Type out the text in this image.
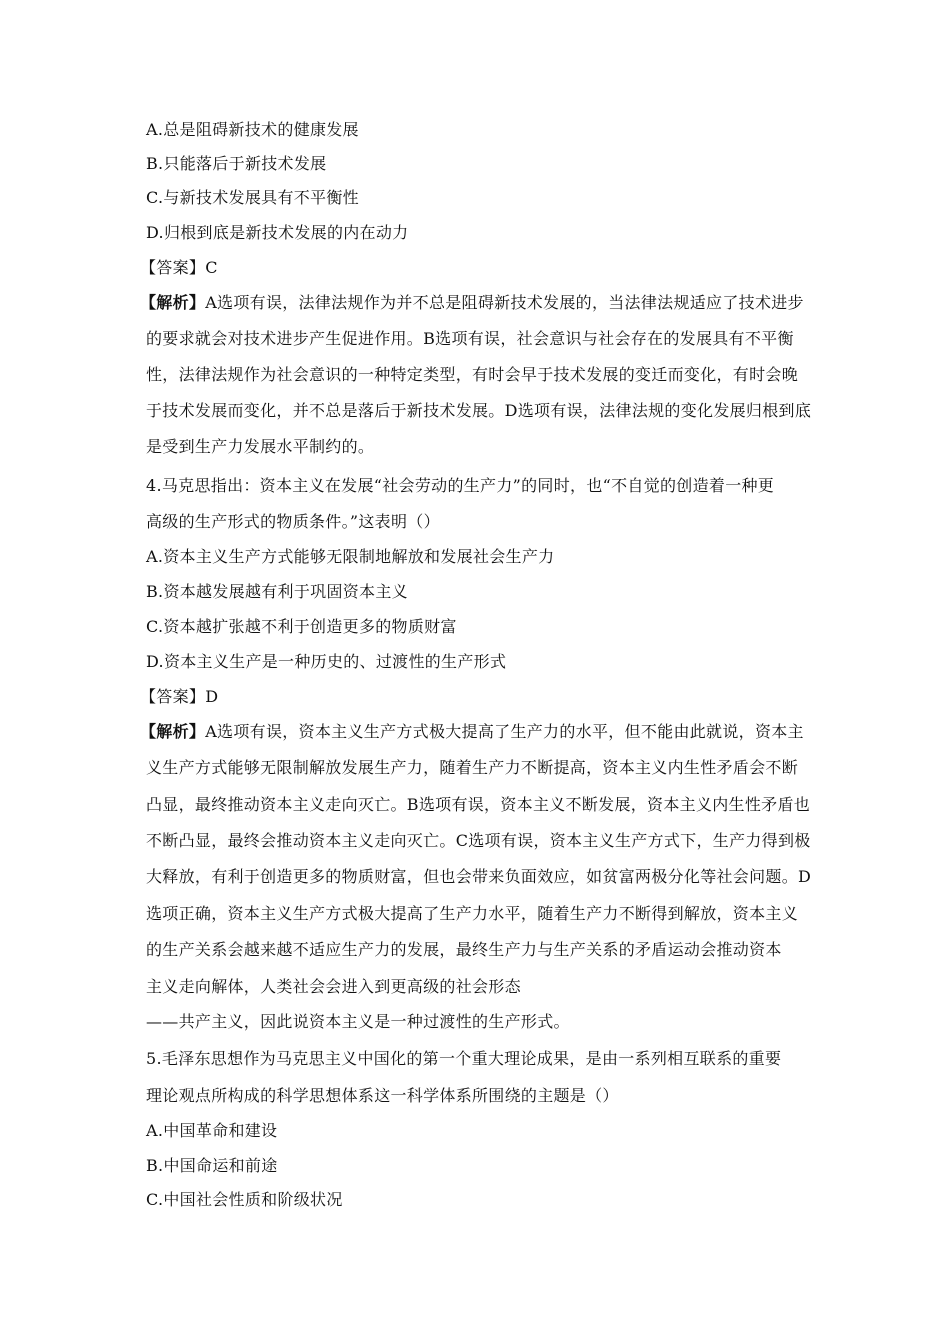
A.总是阻碍新技术的健康发展
B.只能落后于新技术发展
C.与新技术发展具有不平衡性
D.归根到底是新技术发展的内在动力
【答案】C
【解析】A选项有误，法律法规作为并不总是阻碍新技术发展的，当法律法规适应了技术进步
的要求就会对技术进步产生促进作用。B选项有误，社会意识与社会存在的发展具有不平衡
性，法律法规作为社会意识的一种特定类型，有时会早于技术发展的变迁而变化，有时会晚
于技术发展而变化，并不总是落后于新技术发展。D选项有误，法律法规的变化发展归根到底
是受到生产力发展水平制约的。
4.马克思指出：资本主义在发展“社会劳动的生产力”的同时，也“不自觉的创造着一种更
高级的生产形式的物质条件。”这表明（）
A.资本主义生产方式能够无限制地解放和发展社会生产力
B.资本越发展越有利于巩固资本主义
C.资本越扩张越不利于创造更多的物质财富
D.资本主义生产是一种历史的、过渡性的生产形式
【答案】D
【解析】A选项有误，资本主义生产方式极大提高了生产力的水平，但不能由此就说，资本主
义生产方式能够无限制解放发展生产力，随着生产力不断提高，资本主义内生性矛盾会不断
凸显，最终推动资本主义走向灭亡。B选项有误，资本主义不断发展，资本主义内生性矛盾也
不断凸显，最终会推动资本主义走向灭亡。C选项有误，资本主义生产方式下，生产力得到极
大释放，有利于创造更多的物质财富，但也会带来负面效应，如贫富两极分化等社会问题。D
选项正确，资本主义生产方式极大提高了生产力水平，随着生产力不断得到解放，资本主义
的生产关系会越来越不适应生产力的发展，最终生产力与生产关系的矛盾运动会推动资本
主义走向解体，人类社会会进入到更高级的社会形态
——共产主义，因此说资本主义是一种过渡性的生产形式。
5.毛泽东思想作为马克思主义中国化的第一个重大理论成果，是由一系列相互联系的重要
理论观点所构成的科学思想体系这一科学体系所围绕的主题是（）
A.中国革命和建设
B.中国命运和前途
C.中国社会性质和阶级状况
